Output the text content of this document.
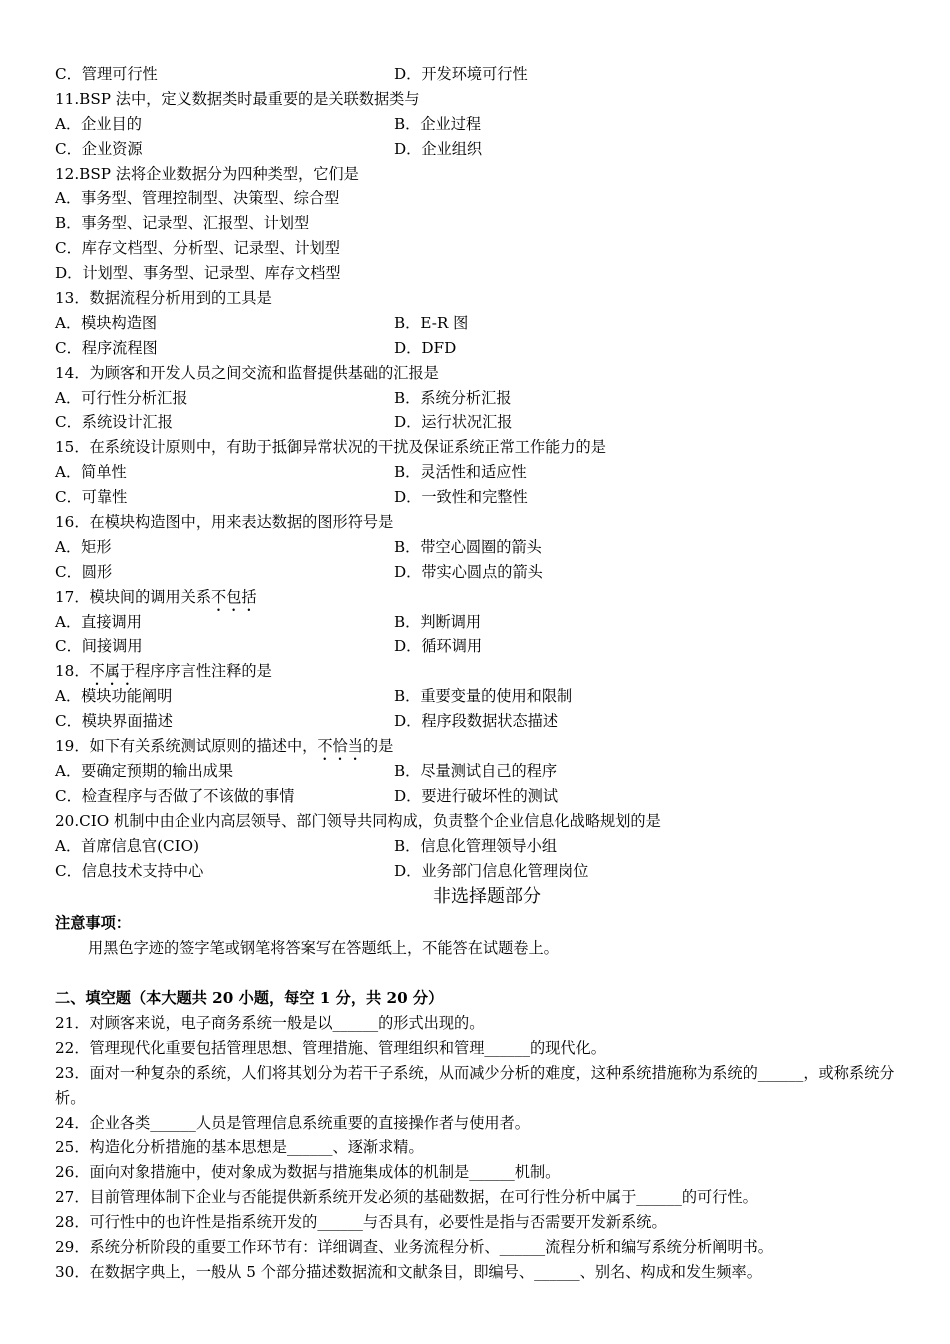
C．管理可行性	D．开发环境可行性
11.BSP 法中，定义数据类时最重要的是关联数据类与
A．企业目的	B．企业过程
C．企业资源	D．企业组织
12.BSP 法将企业数据分为四种类型，它们是
A．事务型、管理控制型、决策型、综合型
B．事务型、记录型、汇报型、计划型
C．库存文档型、分析型、记录型、计划型
D．计划型、事务型、记录型、库存文档型
13．数据流程分析用到的工具是
A．模块构造图	B．E-R 图
C．程序流程图	D．DFD
14．为顾客和开发人员之间交流和监督提供基础的汇报是
A．可行性分析汇报	B．系统分析汇报
C．系统设计汇报	D．运行状况汇报
15．在系统设计原则中，有助于抵御异常状况的干扰及保证系统正常工作能力的是
A．简单性	B．灵活性和适应性
C．可靠性	D．一致性和完整性
16．在模块构造图中，用来表达数据的图形符号是
A．矩形	B．带空心圆圈的箭头
C．圆形	D．带实心圆点的箭头
17．模块间的调用关系不包括
A．直接调用	B．判断调用
C．间接调用	D．循环调用
18．不属于程序序言性注释的是
A．模块功能阐明	B．重要变量的使用和限制
C．模块界面描述	D．程序段数据状态描述
19．如下有关系统测试原则的描述中，不恰当的是
A．要确定预期的输出成果	B．尽量测试自己的程序
C．检查程序与否做了不该做的事情	D．要进行破坏性的测试
20.CIO 机制中由企业内高层领导、部门领导共同构成，负责整个企业信息化战略规划的是
A．首席信息官(CIO)	B．信息化管理领导小组
C．信息技术支持中心	D．业务部门信息化管理岗位
非选择题部分
注意事项：
用黑色字迹的签字笔或钢笔将答案写在答题纸上，不能答在试题卷上。
二、填空题（本大题共 20 小题，每空 1 分，共 20 分）
21．对顾客来说，电子商务系统一般是以______的形式出现的。
22．管理现代化重要包括管理思想、管理措施、管理组织和管理______的现代化。
23．面对一种复杂的系统，人们将其划分为若干子系统，从而减少分析的难度，这种系统措施称为系统的______，或称系统分析。
24．企业各类______人员是管理信息系统重要的直接操作者与使用者。
25．构造化分析措施的基本思想是______、逐渐求精。
26．面向对象措施中，使对象成为数据与措施集成体的机制是______机制。
27．目前管理体制下企业与否能提供新系统开发必须的基础数据，在可行性分析中属于______的可行性。
28．可行性中的也许性是指系统开发的______与否具有，必要性是指与否需要开发新系统。
29．系统分析阶段的重要工作环节有：详细调查、业务流程分析、______流程分析和编写系统分析阐明书。
30．在数据字典上，一般从 5 个部分描述数据流和文献条目，即编号、______、别名、构成和发生频率。
